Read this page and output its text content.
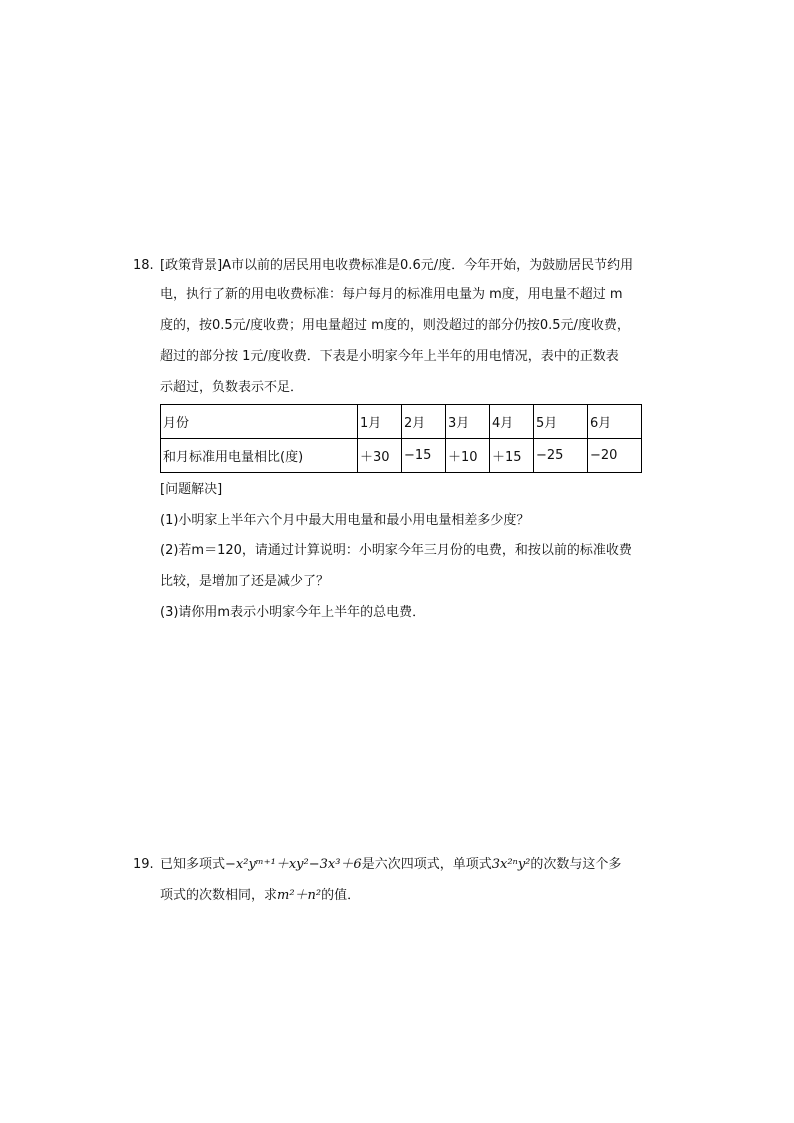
18. [政策背景]A市以前的居民用电收费标准是0.6元/度．今年开始，为鼓励居民节约用
电，执行了新的用电收费标准：每户每月的标准用电量为 m度，用电量不超过 m
度的，按0.5元/度收费；用电量超过 m度的，则没超过的部分仍按0.5元/度收费，
超过的部分按 1元/度收费．下表是小明家今年上半年的用电情况，表中的正数表
示超过，负数表示不足．
月份	1月	2月	3月	4月	5月	6月
和月标准用电量相比(度)	＋30	−15	＋10	＋15	−25	−20
[问题解决]
(1)小明家上半年六个月中最大用电量和最小用电量相差多少度？
(2)若m＝120，请通过计算说明：小明家今年三月份的电费，和按以前的标准收费
比较，是增加了还是减少了？
(3)请你用m表示小明家今年上半年的总电费．
19. 已知多项式−x²yᵐ⁺¹＋xy²−3x³＋6是六次四项式，单项式3x²ⁿy²的次数与这个多
项式的次数相同，求m²＋n²的值．
